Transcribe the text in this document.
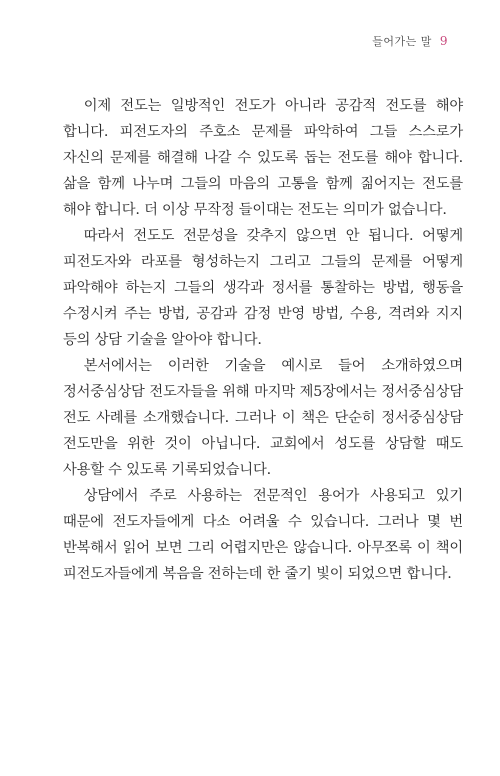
들어가는 말 9

이제 전도는 일방적인 전도가 아니라 공감적 전도를 해야 합니다. 피전도자의 주호소 문제를 파악하여 그들 스스로가 자신의 문제를 해결해 나갈 수 있도록 돕는 전도를 해야 합니다. 삶을 함께 나누며 그들의 마음의 고통을 함께 짊어지는 전도를 해야 합니다. 더 이상 무작정 들이대는 전도는 의미가 없습니다.

따라서 전도도 전문성을 갖추지 않으면 안 됩니다. 어떻게 피전도자와 라포를 형성하는지 그리고 그들의 문제를 어떻게 파악해야 하는지 그들의 생각과 정서를 통찰하는 방법, 행동을 수정시켜 주는 방법, 공감과 감정 반영 방법, 수용, 격려와 지지 등의 상담 기술을 알아야 합니다.

본서에서는 이러한 기술을 예시로 들어 소개하였으며 정서중심상담 전도자들을 위해 마지막 제5장에서는 정서중심상담 전도 사례를 소개했습니다. 그러나 이 책은 단순히 정서중심상담 전도만을 위한 것이 아닙니다. 교회에서 성도를 상담할 때도 사용할 수 있도록 기록되었습니다.

상담에서 주로 사용하는 전문적인 용어가 사용되고 있기 때문에 전도자들에게 다소 어려울 수 있습니다. 그러나 몇 번 반복해서 읽어 보면 그리 어렵지만은 않습니다. 아무쪼록 이 책이 피전도자들에게 복음을 전하는데 한 줄기 빛이 되었으면 합니다.
